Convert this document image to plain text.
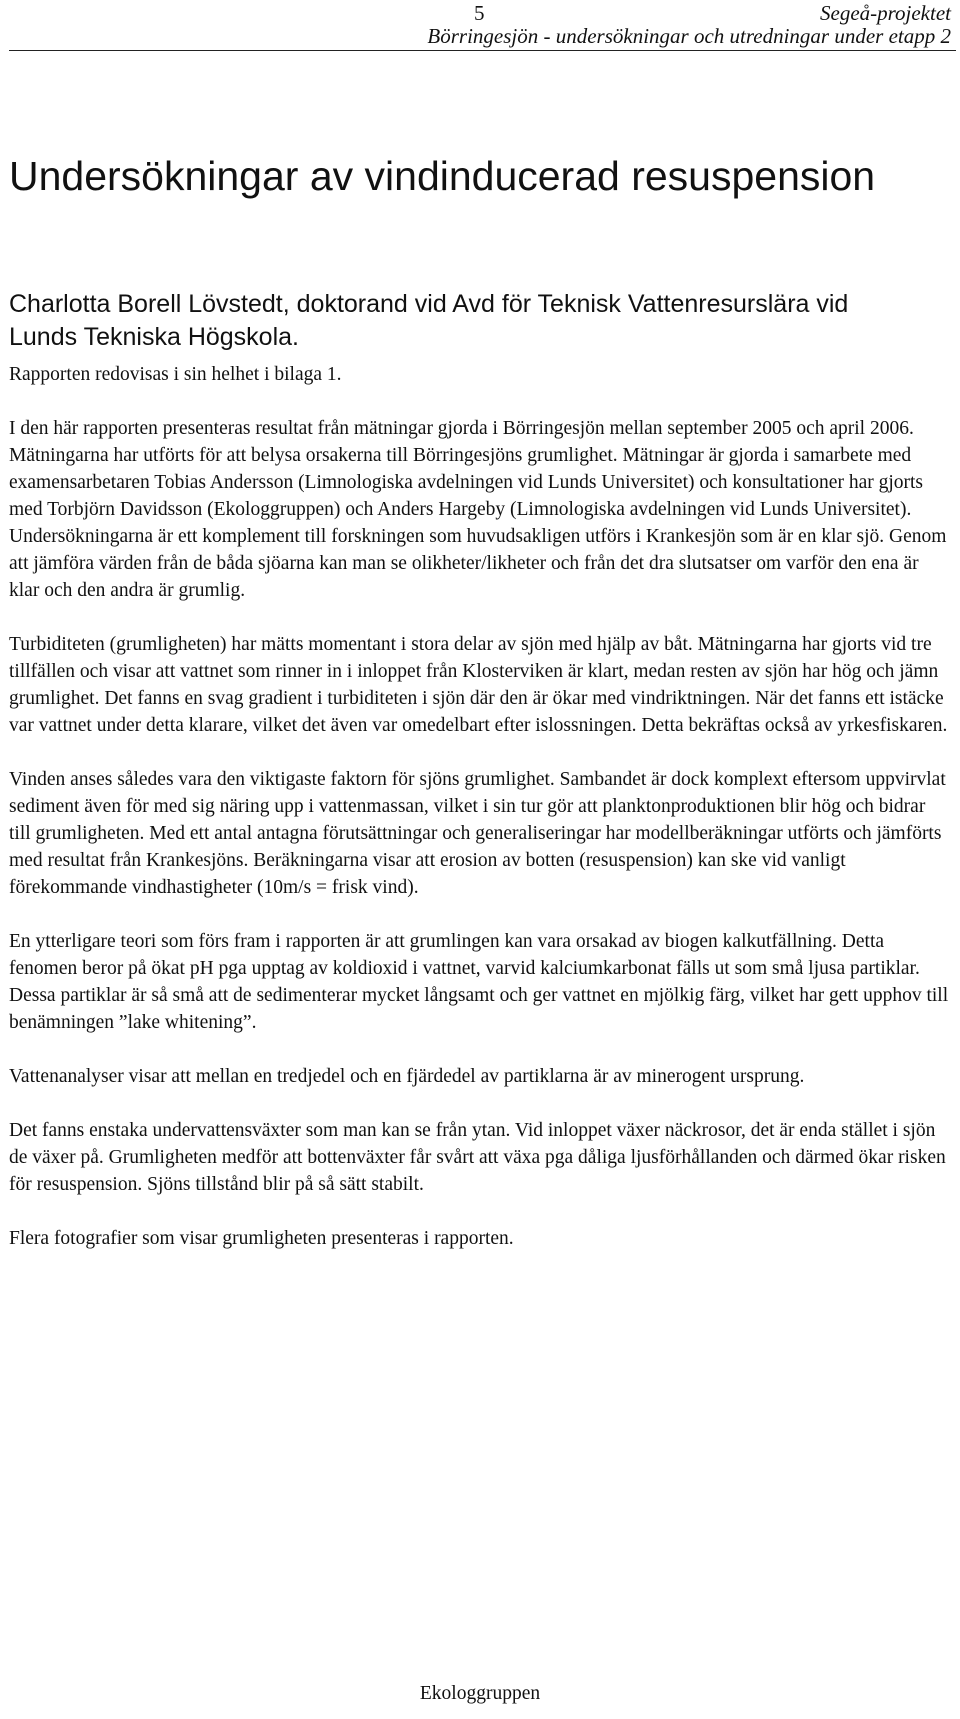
5	Segeå-projektet
Börringesjön - undersökningar och utredningar under etapp 2
Undersökningar av vindinducerad resuspension

Charlotta Borell Lövstedt, doktorand vid Avd för Teknisk Vattenresurslära vid Lunds Tekniska Högskola.

Rapporten redovisas i sin helhet i bilaga 1.

I den här rapporten presenteras resultat från mätningar gjorda i Börringesjön mellan september 2005 och april 2006. Mätningarna har utförts för att belysa orsakerna till Börringesjöns grumlighet. Mätningar är gjorda i samarbete med examensarbetaren Tobias Andersson (Limnologiska avdelningen vid Lunds Universitet) och konsultationer har gjorts med Torbjörn Davidsson (Ekologgruppen) och Anders Hargeby (Limnologiska avdelningen vid Lunds Universitet). Undersökningarna är ett komplement till forskningen som huvudsakligen utförs i Krankesjön som är en klar sjö. Genom att jämföra värden från de båda sjöarna kan man se olikheter/likheter och från det dra slutsatser om varför den ena är klar och den andra är grumlig.

Turbiditeten (grumligheten) har mätts momentant i stora delar av sjön med hjälp av båt. Mätningarna har gjorts vid tre tillfällen och visar att vattnet som rinner in i inloppet från Klosterviken är klart, medan resten av sjön har hög och jämn grumlighet. Det fanns en svag gradient i turbiditeten i sjön där den är ökar med vindriktningen. När det fanns ett istäcke var vattnet under detta klarare, vilket det även var omedelbart efter islossningen. Detta bekräftas också av yrkesfiskaren.

Vinden anses således vara den viktigaste faktorn för sjöns grumlighet. Sambandet är dock komplext eftersom uppvirvlat sediment även för med sig näring upp i vattenmassan, vilket i sin tur gör att planktonproduktionen blir hög och bidrar till grumligheten. Med ett antal antagna förutsättningar och generaliseringar har modellberäkningar utförts och jämförts med resultat från Krankesjöns. Beräkningarna visar att erosion av botten (resuspension) kan ske vid vanligt förekommande vindhastigheter (10m/s = frisk vind).

En ytterligare teori som förs fram i rapporten är att grumlingen kan vara orsakad av biogen kalkutfällning. Detta fenomen beror på ökat pH pga upptag av koldioxid i vattnet, varvid kalciumkarbonat fälls ut som små ljusa partiklar. Dessa partiklar är så små att de sedimenterar mycket långsamt och ger vattnet en mjölkig färg, vilket har gett upphov till benämningen ”lake whitening”.

Vattenanalyser visar att mellan en tredjedel och en fjärdedel av partiklarna är av minerogent ursprung.

Det fanns enstaka undervattensväxter som man kan se från ytan. Vid inloppet växer näckrosor, det är enda stället i sjön de växer på. Grumligheten medför att bottenväxter får svårt att växa pga dåliga ljusförhållanden och därmed ökar risken för resuspension. Sjöns tillstånd blir på så sätt stabilt.

Flera fotografier som visar grumligheten presenteras i rapporten.

Ekologgruppen
